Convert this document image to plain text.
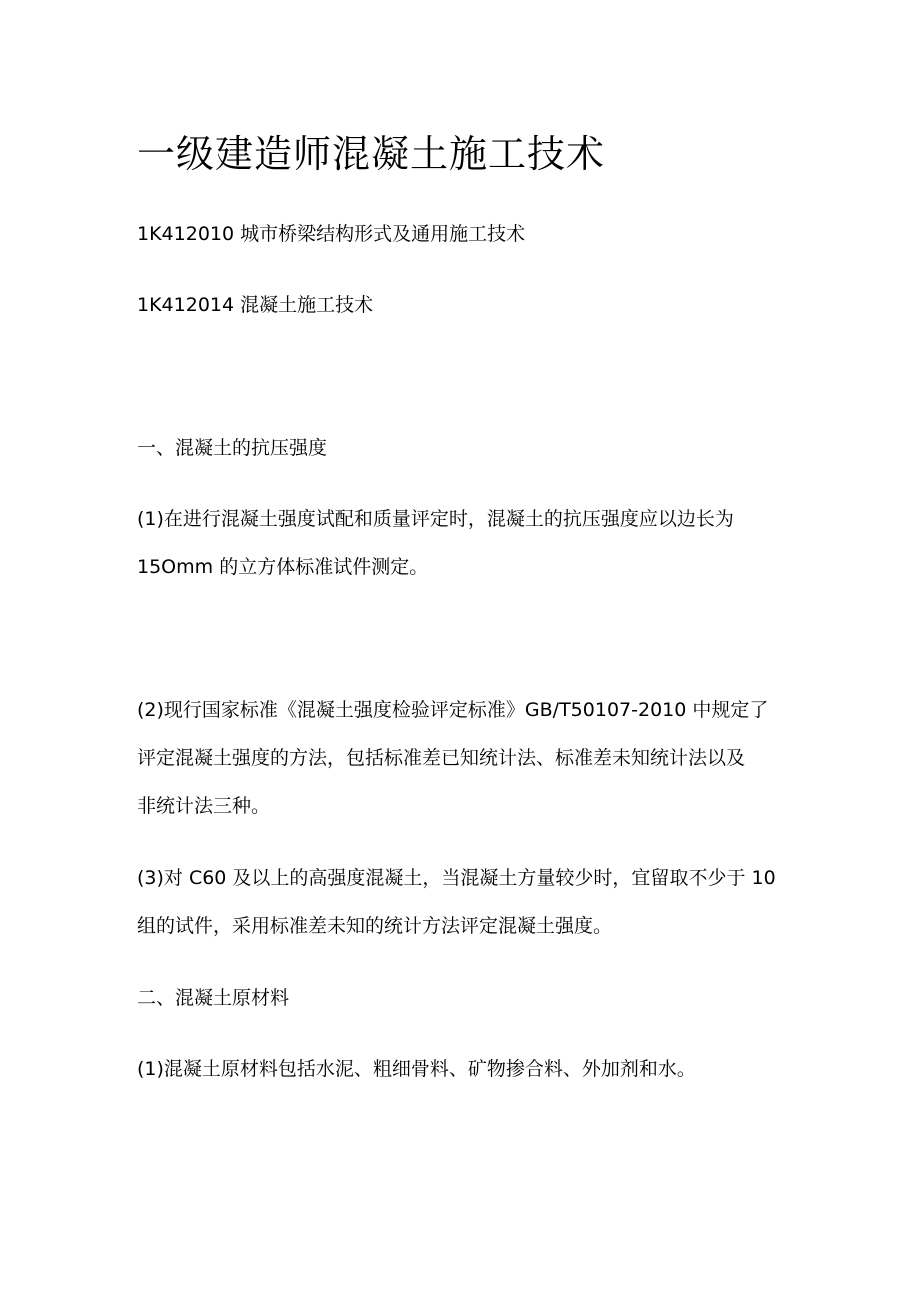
一级建造师混凝土施工技术

1K412010 城市桥梁结构形式及通用施工技术

1K412014 混凝土施工技术

一、混凝土的抗压强度

(1)在进行混凝土强度试配和质量评定时，混凝土的抗压强度应以边长为

15Omm 的立方体标准试件测定。

(2)现行国家标准《混凝土强度检验评定标准》GB/T50107-2010 中规定了

评定混凝土强度的方法，包括标准差已知统计法、标准差未知统计法以及

非统计法三种。

(3)对 C60 及以上的高强度混凝土，当混凝土方量较少时，宜留取不少于 10

组的试件，采用标准差未知的统计方法评定混凝土强度。

二、混凝土原材料

(1)混凝土原材料包括水泥、粗细骨料、矿物掺合料、外加剂和水。
